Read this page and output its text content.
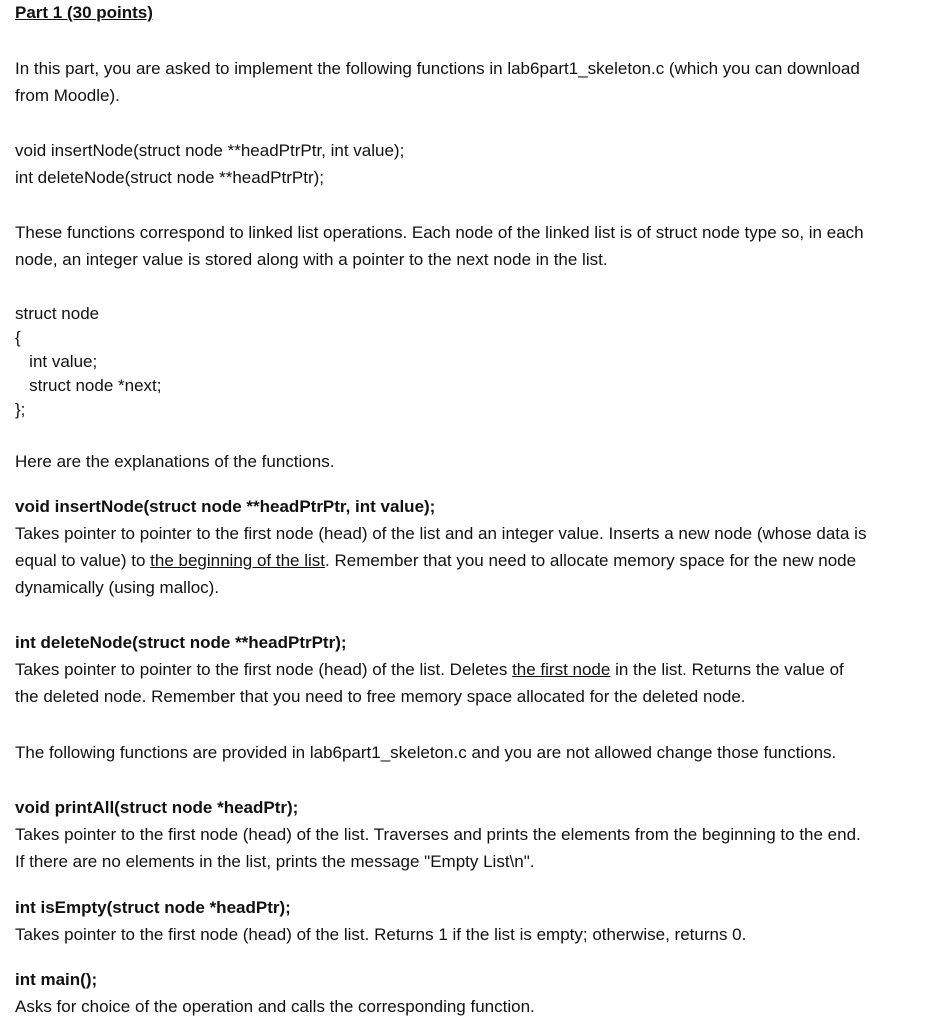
Part 1 (30 points)
In this part, you are asked to implement the following functions in lab6part1_skeleton.c (which you can download
from Moodle).
void insertNode(struct node **headPtrPtr, int value);
int deleteNode(struct node **headPtrPtr);
These functions correspond to linked list operations. Each node of the linked list is of struct node type so, in each
node, an integer value is stored along with a pointer to the next node in the list.
struct node
{
int value;
struct node *next;
};
Here are the explanations of the functions.
void insertNode(struct node **headPtrPtr, int value);
Takes pointer to pointer to the first node (head) of the list and an integer value. Inserts a new node (whose data is
equal to value) to the beginning of the list. Remember that you need to allocate memory space for the new node
dynamically (using malloc).
int deleteNode(struct node **headPtrPtr);
Takes pointer to pointer to the first node (head) of the list. Deletes the first node in the list. Returns the value of
the deleted node. Remember that you need to free memory space allocated for the deleted node.
The following functions are provided in lab6part1_skeleton.c and you are not allowed change those functions.
void printAll(struct node *headPtr);
Takes pointer to the first node (head) of the list. Traverses and prints the elements from the beginning to the end.
If there are no elements in the list, prints the message "Empty List\n".
int isEmpty(struct node *headPtr);
Takes pointer to the first node (head) of the list. Returns 1 if the list is empty; otherwise, returns 0.
int main();
Asks for choice of the operation and calls the corresponding function.
